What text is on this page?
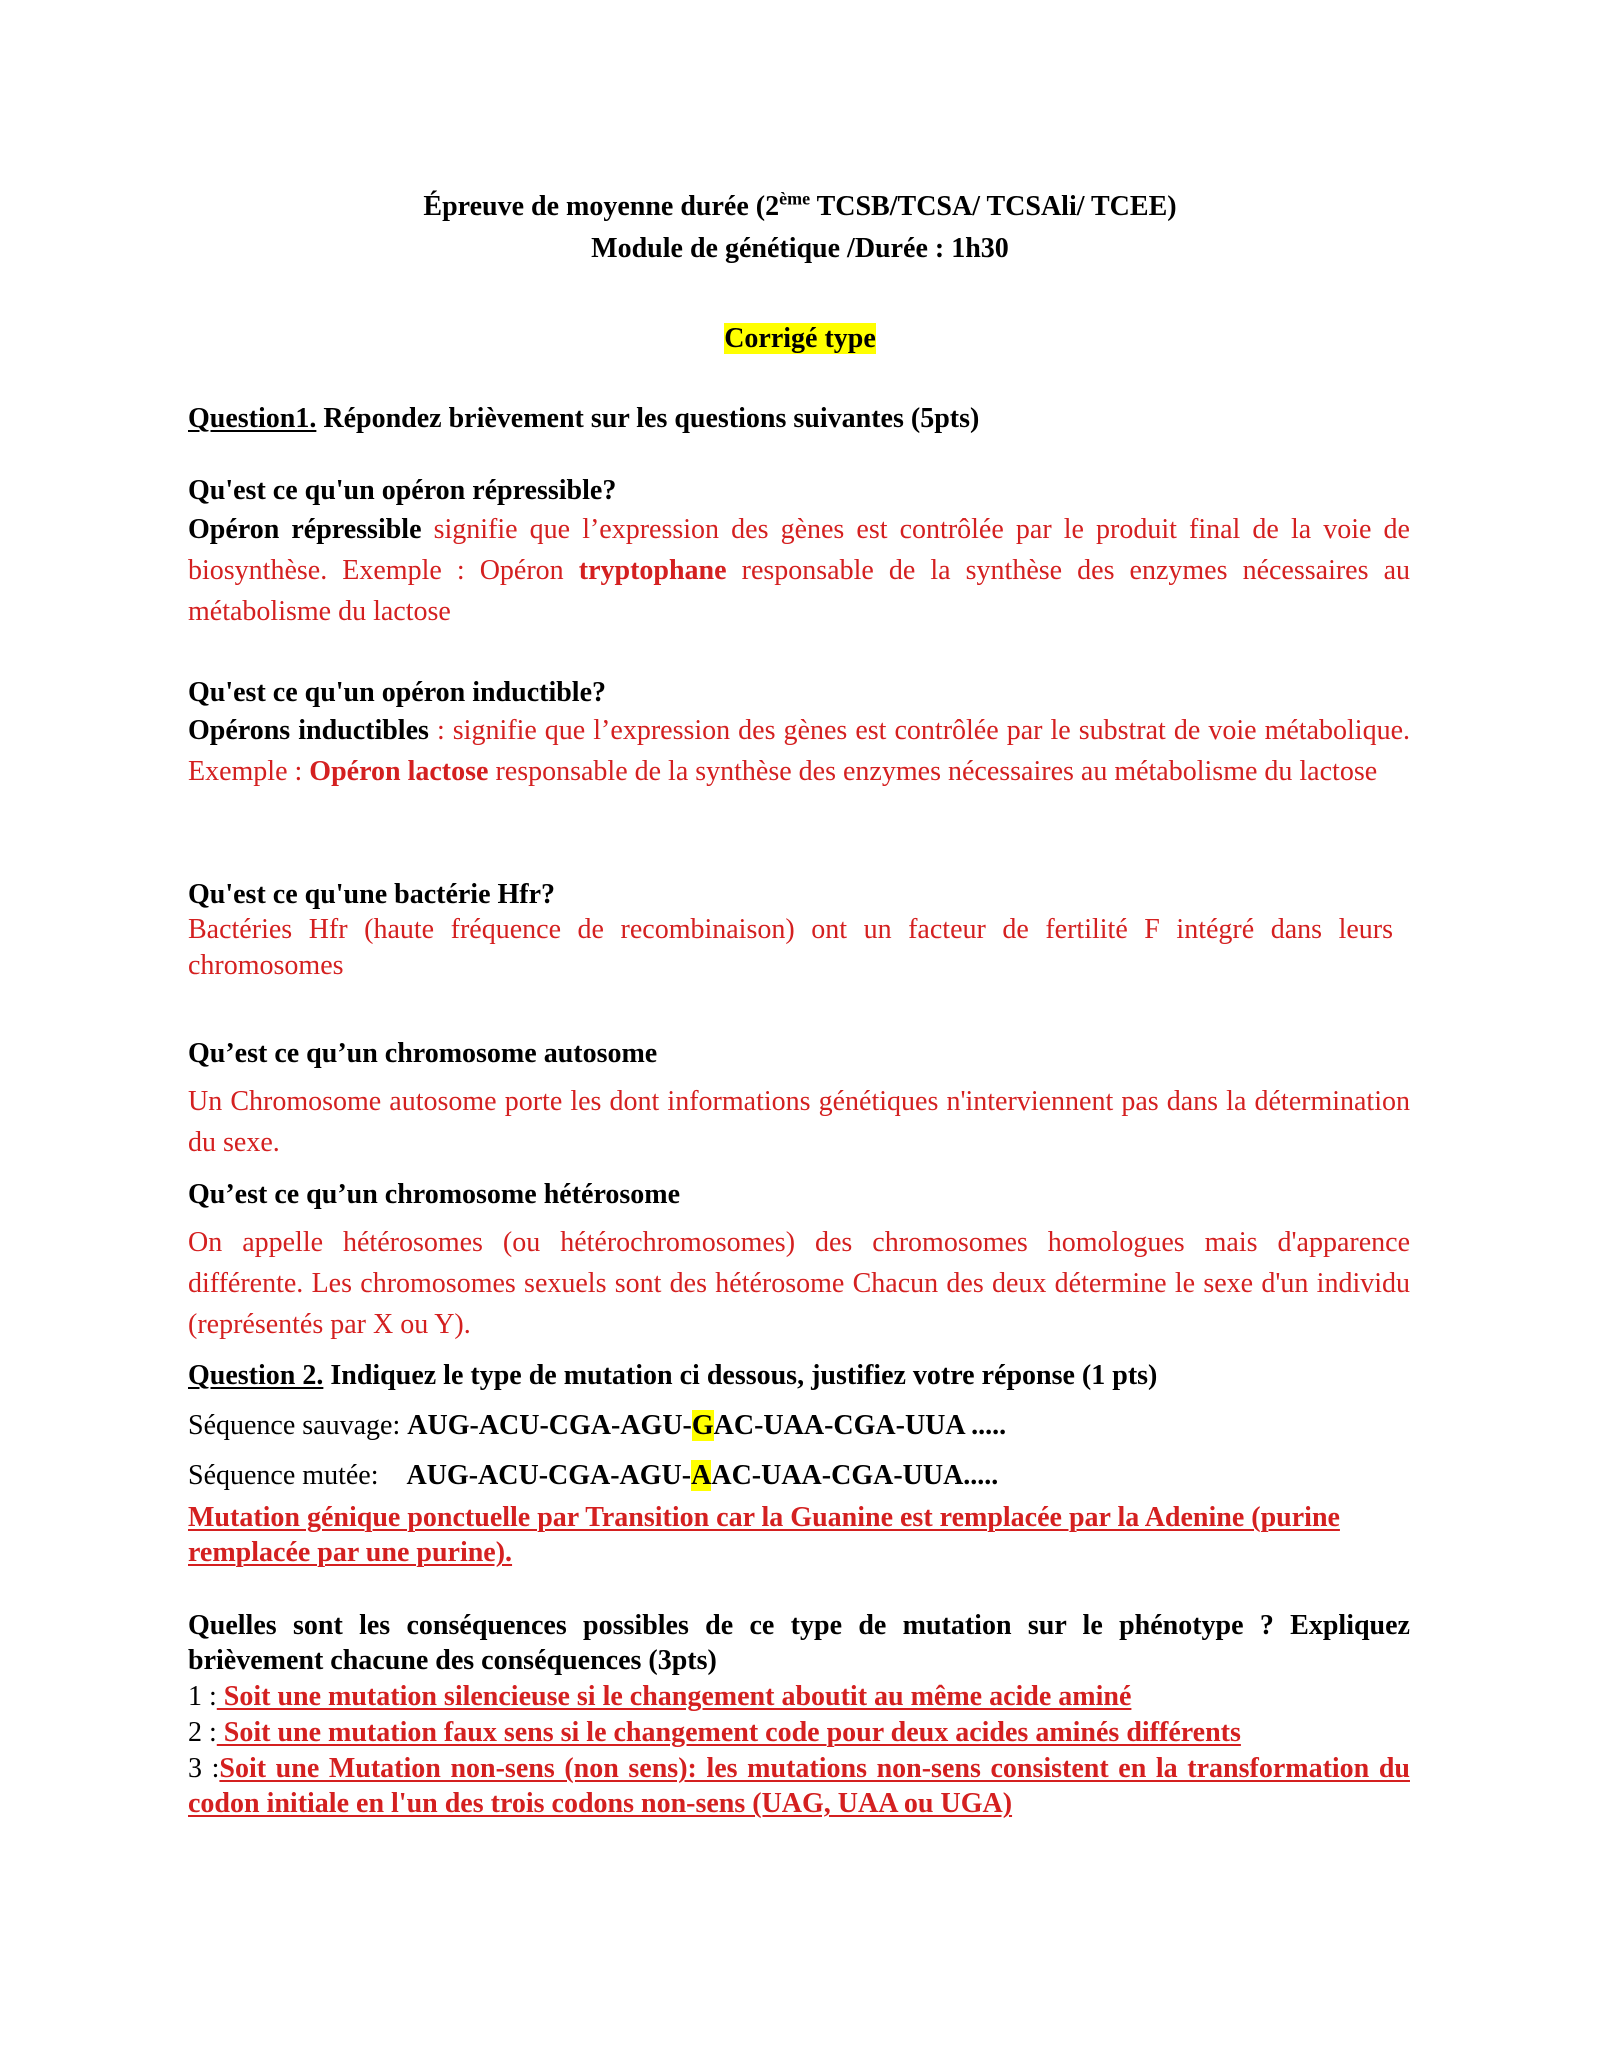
Épreuve de moyenne durée (2ème TCSB/TCSA/ TCSAli/ TCEE)
Module de génétique /Durée : 1h30
Corrigé type
Question1. Répondez brièvement sur les questions suivantes (5pts)
Qu'est ce qu'un opéron répressible?
Opéron répressible signifie que l’expression des gènes est contrôlée par le produit final de la voie de biosynthèse. Exemple : Opéron tryptophane responsable de la synthèse des enzymes nécessaires au métabolisme du lactose
Qu'est ce qu'un opéron inductible?
Opérons inductibles : signifie que l’expression des gènes est contrôlée par le substrat de voie métabolique. Exemple : Opéron lactose responsable de la synthèse des enzymes nécessaires au métabolisme du lactose
Qu'est ce qu'une bactérie Hfr?
Bactéries Hfr (haute fréquence de recombinaison) ont un facteur de fertilité F intégré dans leurs chromosomes
Qu’est ce qu’un chromosome autosome
Un Chromosome autosome porte les dont informations génétiques n'interviennent pas dans la détermination du sexe.
Qu’est ce qu’un chromosome hétérosome
On appelle hétérosomes (ou hétérochromosomes) des chromosomes homologues mais d'apparence différente. Les chromosomes sexuels sont des hétérosome Chacun des deux détermine le sexe d'un individu (représentés par X ou Y).
Question 2. Indiquez le type de mutation ci dessous, justifiez votre réponse (1 pts)
Séquence sauvage: AUG-ACU-CGA-AGU-GAC-UAA-CGA-UUA .....
Séquence mutée:    AUG-ACU-CGA-AGU-AAC-UAA-CGA-UUA.....
Mutation génique ponctuelle par Transition car la Guanine est remplacée par la Adenine (purine remplacée par une purine).
Quelles sont les conséquences possibles de ce type de mutation sur le phénotype ? Expliquez brièvement chacune des conséquences (3pts)
1 : Soit une mutation silencieuse si le changement aboutit au même acide aminé
2 : Soit une mutation faux sens si le changement code pour deux acides aminés différents
3 :Soit une Mutation non-sens (non sens): les mutations non-sens consistent en la transformation du codon initiale en l'un des trois codons non-sens (UAG, UAA ou UGA)
